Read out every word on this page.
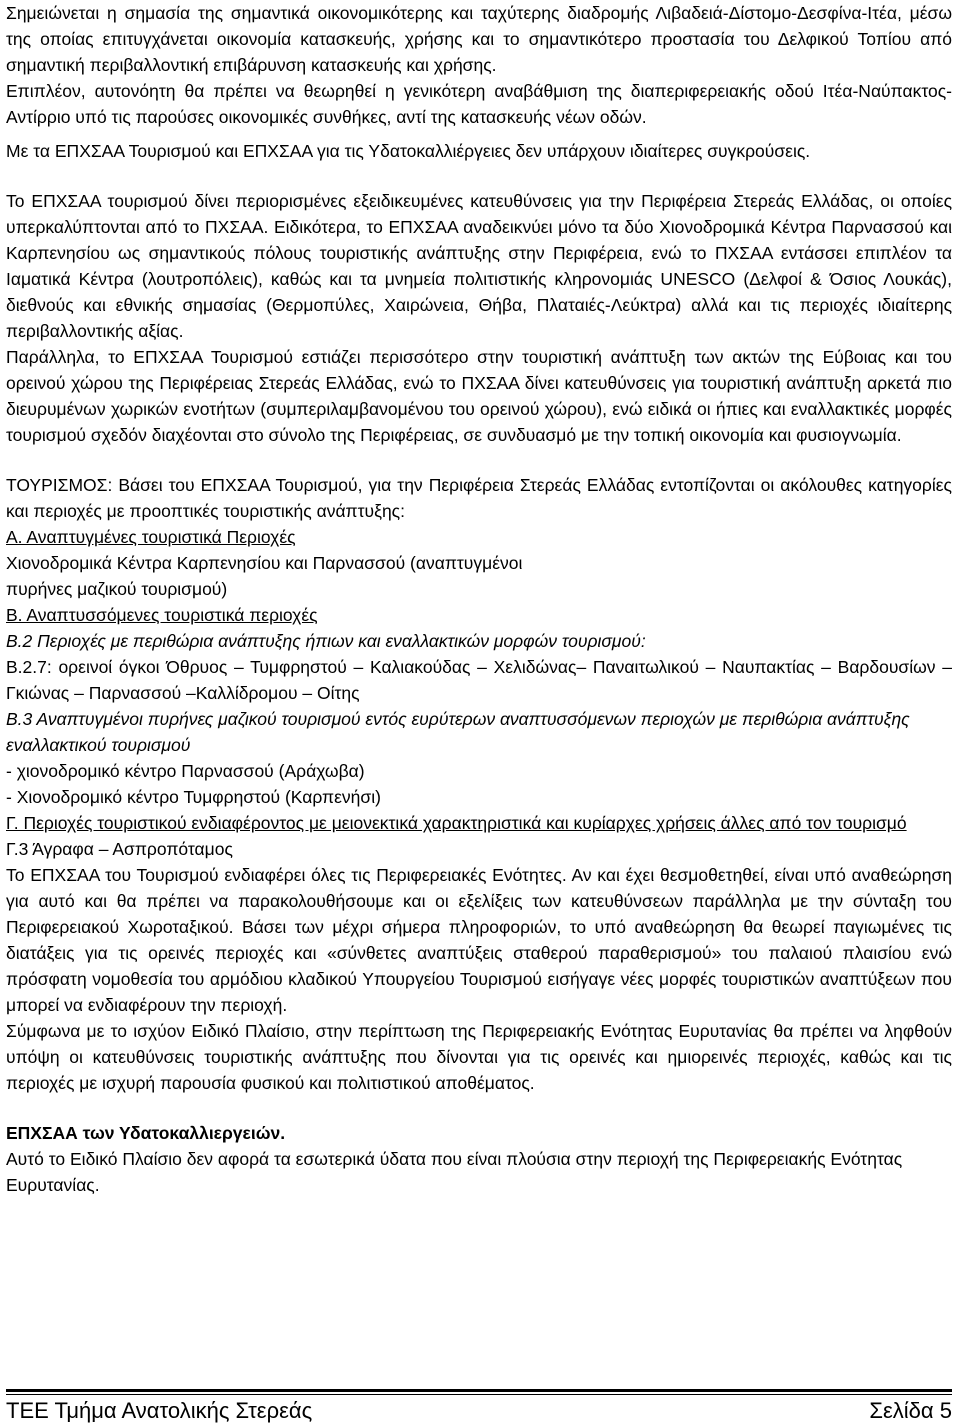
Σημειώνεται η σημασία της σημαντικά οικονομικότερης και ταχύτερης διαδρομής Λιβαδειά-Δίστομο-Δεσφίνα-Ιτέα, μέσω της οποίας επιτυγχάνεται οικονομία κατασκευής, χρήσης και το σημαντικότερο προστασία του Δελφικού Τοπίου από σημαντική περιβαλλοντική επιβάρυνση κατασκευής και χρήσης.

Επιπλέον, αυτονόητη θα πρέπει να θεωρηθεί η γενικότερη αναβάθμιση της διαπεριφερειακής οδού Ιτέα-Ναύπακτος-Αντίρριο υπό τις παρούσες οικονομικές συνθήκες, αντί της κατασκευής νέων οδών.

Με τα ΕΠΧΣΑΑ Τουρισμού και ΕΠΧΣΑΑ για τις Υδατοκαλλιέργειες δεν υπάρχουν ιδιαίτερες συγκρούσεις.

Το ΕΠΧΣΑΑ τουρισμού δίνει περιορισμένες εξειδικευμένες κατευθύνσεις για την Περιφέρεια Στερεάς Ελλάδας, οι οποίες υπερκαλύπτονται από το ΠΧΣΑΑ. Ειδικότερα, το ΕΠΧΣΑΑ αναδεικνύει μόνο τα δύο Χιονοδρομικά Κέντρα Παρνασσού και Καρπενησίου ως σημαντικούς πόλους τουριστικής ανάπτυξης στην Περιφέρεια, ενώ το ΠΧΣΑΑ εντάσσει επιπλέον τα Ιαματικά Κέντρα (λουτροπόλεις), καθώς και τα μνημεία πολιτιστικής κληρονομιάς UNESCO (Δελφοί & Όσιος Λουκάς), διεθνούς και εθνικής σημασίας (Θερμοπύλες, Χαιρώνεια, Θήβα, Πλαταιές-Λεύκτρα) αλλά και τις περιοχές ιδιαίτερης περιβαλλοντικής αξίας.

Παράλληλα, το ΕΠΧΣΑΑ Τουρισμού εστιάζει περισσότερο στην τουριστική ανάπτυξη των ακτών της Εύβοιας και του ορεινού χώρου της Περιφέρειας Στερεάς Ελλάδας, ενώ το ΠΧΣΑΑ δίνει κατευθύνσεις για τουριστική ανάπτυξη αρκετά πιο διευρυμένων χωρικών ενοτήτων (συμπεριλαμβανομένου του ορεινού χώρου), ενώ ειδικά οι ήπιες και εναλλακτικές μορφές τουρισμού σχεδόν διαχέονται στο σύνολο της Περιφέρειας, σε συνδυασμό με την τοπική οικονομία και φυσιογνωμία.

ΤΟΥΡΙΣΜΟΣ: Βάσει του ΕΠΧΣΑΑ Τουρισμού, για την Περιφέρεια Στερεάς Ελλάδας εντοπίζονται οι ακόλουθες κατηγορίες και περιοχές με προοπτικές τουριστικής ανάπτυξης:

Α. Αναπτυγμένες τουριστικά Περιοχές

Χιονοδρομικά Κέντρα Καρπενησίου και Παρνασσού (αναπτυγμένοι

πυρήνες μαζικού τουρισμού)

Β. Αναπτυσσόμενες τουριστικά περιοχές

Β.2 Περιοχές με περιθώρια ανάπτυξης ήπιων και εναλλακτικών μορφών τουρισμού:

Β.2.7: ορεινοί όγκοι Όθρυος – Τυμφρηστού – Καλιακούδας – Χελιδώνας– Παναιτωλικού – Ναυπακτίας – Βαρδουσίων – Γκιώνας – Παρνασσού –Καλλίδρομου – Οίτης

Β.3 Αναπτυγμένοι πυρήνες μαζικού τουρισμού εντός ευρύτερων αναπτυσσόμενων περιοχών με περιθώρια ανάπτυξης εναλλακτικού τουρισμού

- χιονοδρομικό κέντρο Παρνασσού (Αράχωβα)

- Χιονοδρομικό κέντρο Τυμφρηστού (Καρπενήσι)

Γ. Περιοχές τουριστικού ενδιαφέροντος με μειονεκτικά χαρακτηριστικά και κυρίαρχες χρήσεις άλλες από τον τουρισμό

Γ.3 Άγραφα – Ασπροπόταμος

Το ΕΠΧΣΑΑ του Τουρισμού ενδιαφέρει όλες τις Περιφερειακές Ενότητες. Αν και έχει θεσμοθετηθεί, είναι υπό αναθεώρηση για αυτό και θα πρέπει να παρακολουθήσουμε και οι εξελίξεις των κατευθύνσεων παράλληλα με την σύνταξη του Περιφερειακού Χωροταξικού. Βάσει των μέχρι σήμερα πληροφοριών, το υπό αναθεώρηση θα θεωρεί παγιωμένες τις διατάξεις για τις ορεινές περιοχές και «σύνθετες αναπτύξεις σταθερού παραθερισμού» του παλαιού πλαισίου ενώ πρόσφατη νομοθεσία του αρμόδιου κλαδικού Υπουργείου Τουρισμού εισήγαγε νέες μορφές τουριστικών αναπτύξεων που μπορεί να ενδιαφέρουν την περιοχή.

Σύμφωνα με το ισχύον Ειδικό Πλαίσιο, στην περίπτωση της Περιφερειακής Ενότητας Ευρυτανίας θα πρέπει να ληφθούν υπόψη οι κατευθύνσεις τουριστικής ανάπτυξης που δίνονται για τις ορεινές και ημιορεινές περιοχές, καθώς και τις περιοχές με ισχυρή παρουσία φυσικού και πολιτιστικού αποθέματος.

ΕΠΧΣΑΑ των Υδατοκαλλιεργειών.

Αυτό το Ειδικό Πλαίσιο δεν αφορά τα εσωτερικά ύδατα που είναι πλούσια στην περιοχή της Περιφερειακής Ενότητας Ευρυτανίας.

ΤΕΕ Τμήμα Ανατολικής Στερεάς	Σελίδα 5
